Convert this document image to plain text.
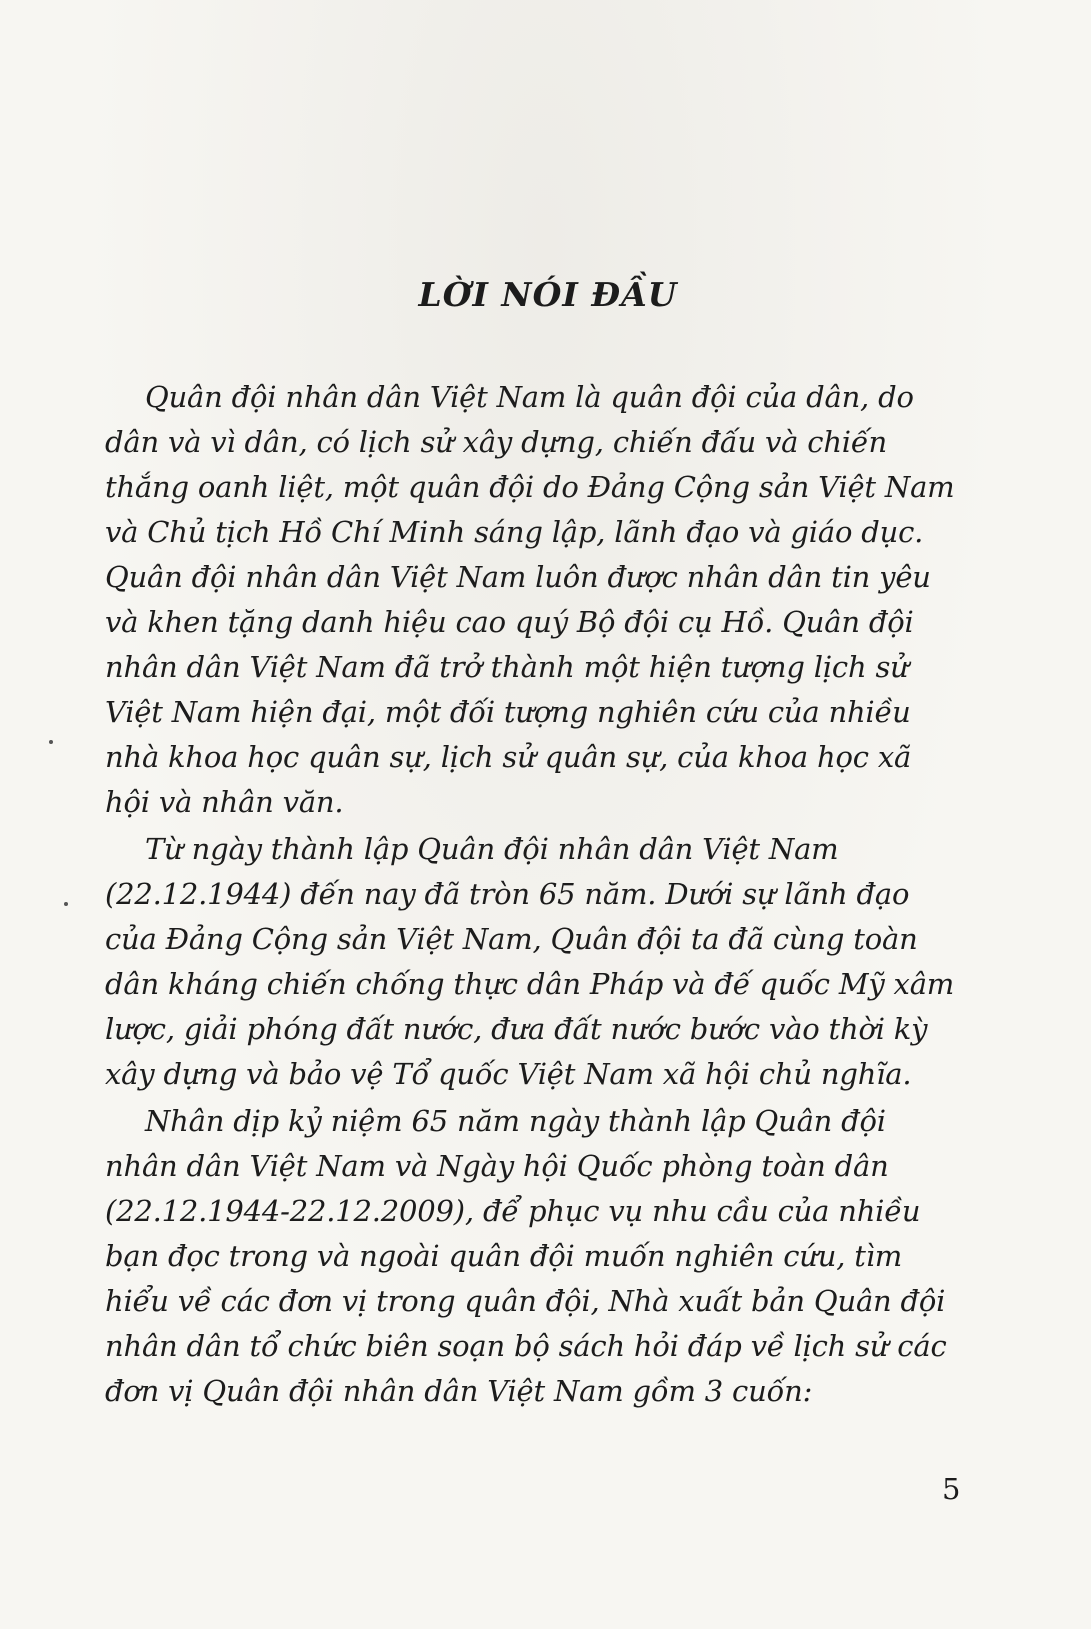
LỜI NÓI ĐẦU
Quân đội nhân dân Việt Nam là quân đội của dân, do
dân và vì dân, có lịch sử xây dựng, chiến đấu và chiến
thắng oanh liệt, một quân đội do Đảng Cộng sản Việt Nam
và Chủ tịch Hồ Chí Minh sáng lập, lãnh đạo và giáo dục.
Quân đội nhân dân Việt Nam luôn được nhân dân tin yêu
và khen tặng danh hiệu cao quý Bộ đội cụ Hồ. Quân đội
nhân dân Việt Nam đã trở thành một hiện tượng lịch sử
Việt Nam hiện đại, một đối tượng nghiên cứu của nhiều
nhà khoa học quân sự, lịch sử quân sự, của khoa học xã
hội và nhân văn.
Từ ngày thành lập Quân đội nhân dân Việt Nam
(22.12.1944) đến nay đã tròn 65 năm. Dưới sự lãnh đạo
của Đảng Cộng sản Việt Nam, Quân đội ta đã cùng toàn
dân kháng chiến chống thực dân Pháp và đế quốc Mỹ xâm
lược, giải phóng đất nước, đưa đất nước bước vào thời kỳ
xây dựng và bảo vệ Tổ quốc Việt Nam xã hội chủ nghĩa.
Nhân dịp kỷ niệm 65 năm ngày thành lập Quân đội
nhân dân Việt Nam và Ngày hội Quốc phòng toàn dân
(22.12.1944-22.12.2009), để phục vụ nhu cầu của nhiều
bạn đọc trong và ngoài quân đội muốn nghiên cứu, tìm
hiểu về các đơn vị trong quân đội, Nhà xuất bản Quân đội
nhân dân tổ chức biên soạn bộ sách hỏi đáp về lịch sử các
đơn vị Quân đội nhân dân Việt Nam gồm 3 cuốn:
5
